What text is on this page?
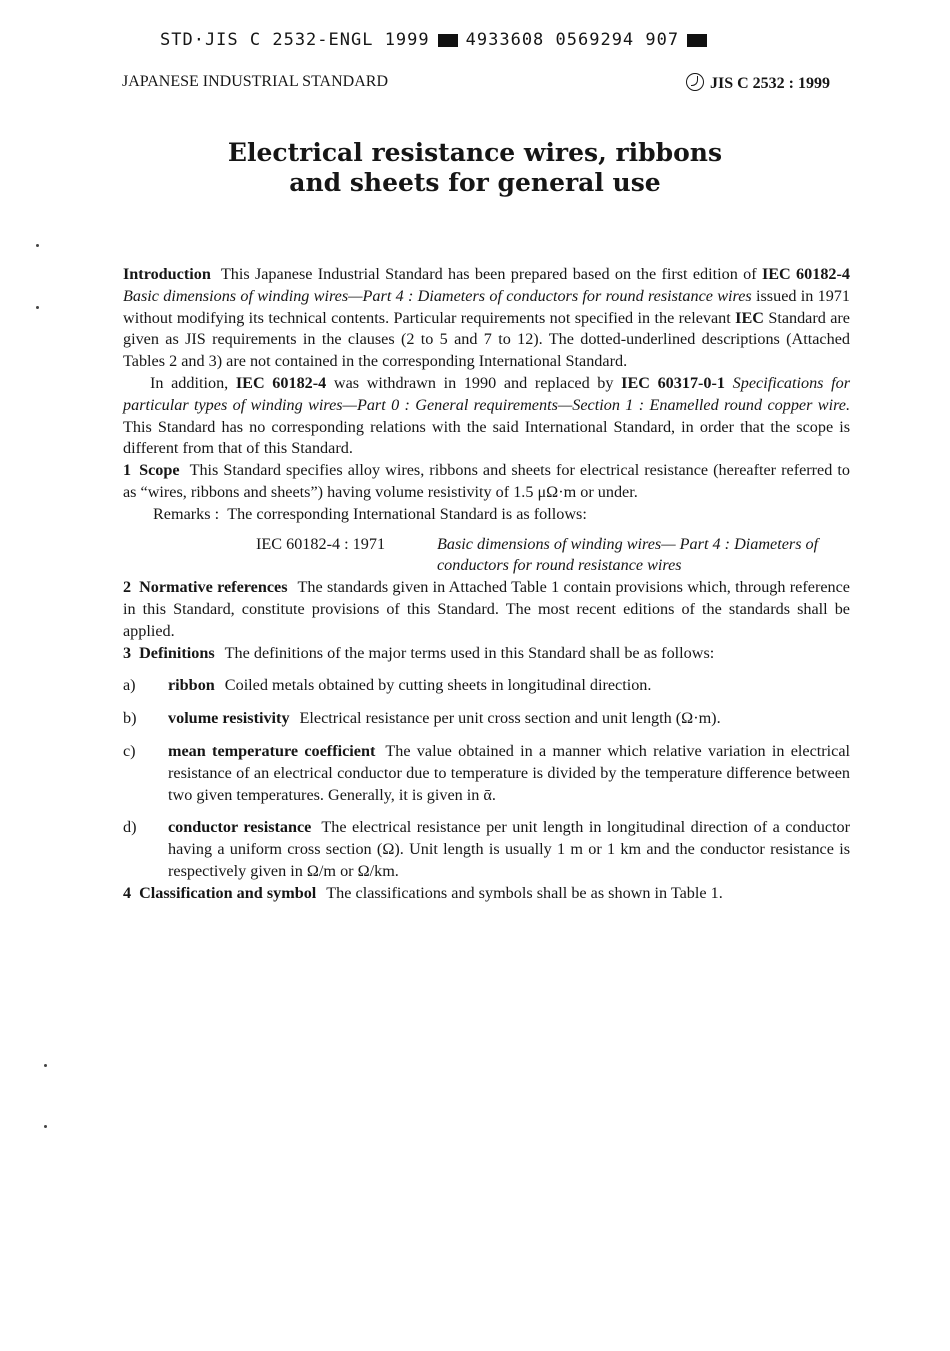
STD·JIS C 2532-ENGL 1999 4933608 0569294 907
JAPANESE INDUSTRIAL STANDARD	JIS C 2532 : 1999
Electrical resistance wires, ribbons
and sheets for general use

Introduction This Japanese Industrial Standard has been prepared based on the first edition of IEC 60182-4 Basic dimensions of winding wires—Part 4 : Diameters of conductors for round resistance wires issued in 1971 without modifying its technical contents. Particular requirements not specified in the relevant IEC Standard are given as JIS requirements in the clauses (2 to 5 and 7 to 12). The dotted-underlined descriptions (Attached Tables 2 and 3) are not contained in the corresponding International Standard.

In addition, IEC 60182-4 was withdrawn in 1990 and replaced by IEC 60317-0-1 Specifications for particular types of winding wires—Part 0 : General requirements—Section 1 : Enamelled round copper wire. This Standard has no corresponding relations with the said International Standard, in order that the scope is different from that of this Standard.

1 Scope This Standard specifies alloy wires, ribbons and sheets for electrical resistance (hereafter referred to as “wires, ribbons and sheets”) having volume resistivity of 1.5 μΩ·m or under.

Remarks : The corresponding International Standard is as follows:

IEC 60182-4 : 1971	Basic dimensions of winding wires— Part 4 : Diameters of conductors for round resistance wires

2 Normative references The standards given in Attached Table 1 contain provisions which, through reference in this Standard, constitute provisions of this Standard. The most recent editions of the standards shall be applied.

3 Definitions The definitions of the major terms used in this Standard shall be as follows:

a)	ribbon Coiled metals obtained by cutting sheets in longitudinal direction.
b)	volume resistivity Electrical resistance per unit cross section and unit length (Ω·m).
c)	mean temperature coefficient The value obtained in a manner which relative variation in electrical resistance of an electrical conductor due to temperature is divided by the temperature difference between two given temperatures. Generally, it is given in ᾱ.
d)	conductor resistance The electrical resistance per unit length in longitudinal direction of a conductor having a uniform cross section (Ω). Unit length is usually 1 m or 1 km and the conductor resistance is respectively given in Ω/m or Ω/km.

4 Classification and symbol The classifications and symbols shall be as shown in Table 1.
